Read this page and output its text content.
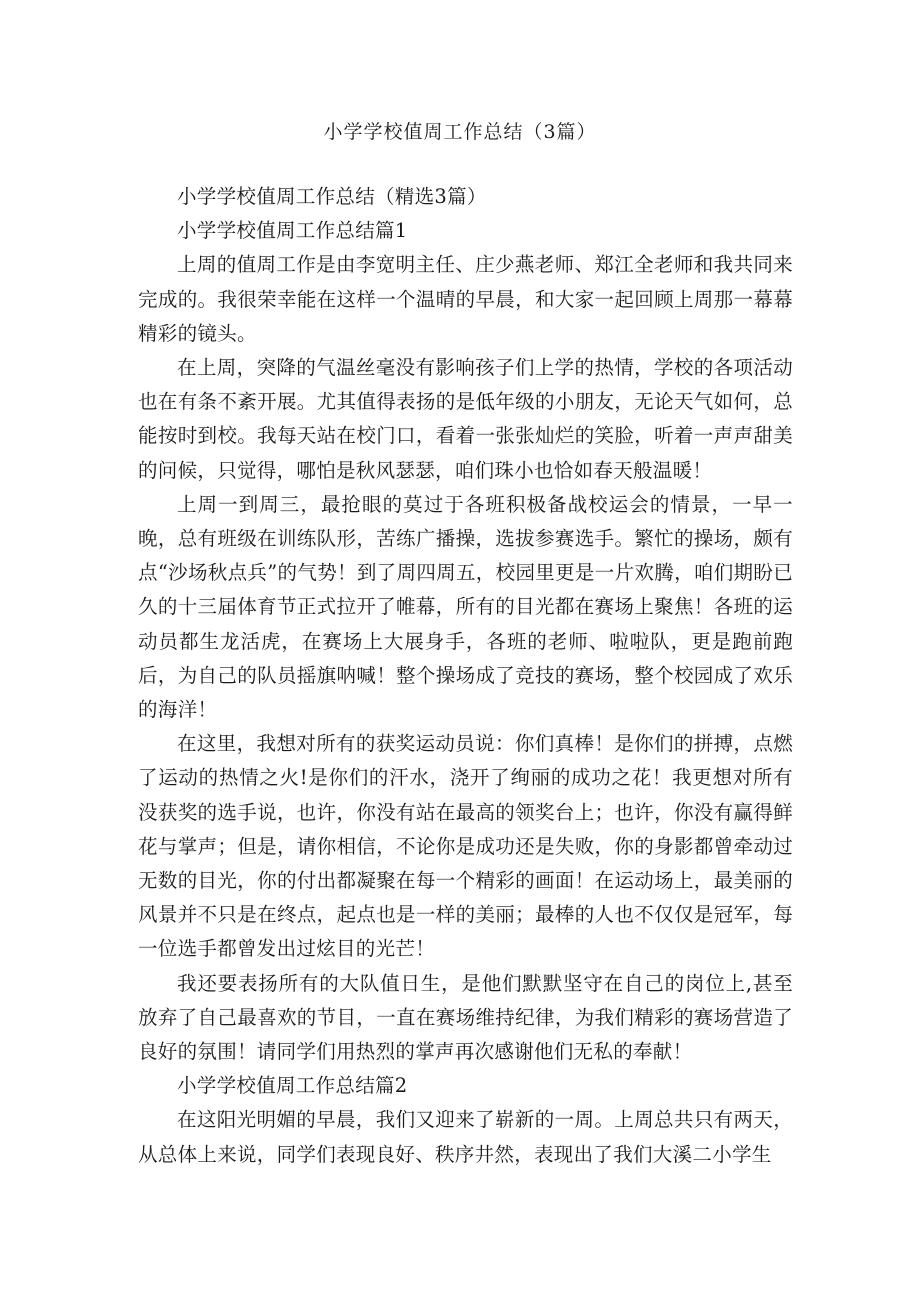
小学学校值周工作总结（3篇）

小学学校值周工作总结（精选3篇）

小学学校值周工作总结篇1

上周的值周工作是由李宽明主任、庄少燕老师、郑江全老师和我共同来完成的。我很荣幸能在这样一个温晴的早晨，和大家一起回顾上周那一幕幕精彩的镜头。

在上周，突降的气温丝毫没有影响孩子们上学的热情，学校的各项活动也在有条不紊开展。尤其值得表扬的是低年级的小朋友，无论天气如何，总能按时到校。我每天站在校门口，看着一张张灿烂的笑脸，听着一声声甜美的问候，只觉得，哪怕是秋风瑟瑟，咱们珠小也恰如春天般温暖！

上周一到周三，最抢眼的莫过于各班积极备战校运会的情景，一早一晚，总有班级在训练队形，苦练广播操，选拔参赛选手。繁忙的操场，颇有点“沙场秋点兵”的气势！到了周四周五，校园里更是一片欢腾，咱们期盼已久的十三届体育节正式拉开了帷幕，所有的目光都在赛场上聚焦！各班的运动员都生龙活虎，在赛场上大展身手，各班的老师、啦啦队，更是跑前跑后，为自己的队员摇旗呐喊！整个操场成了竞技的赛场，整个校园成了欢乐的海洋！

在这里，我想对所有的获奖运动员说：你们真棒！是你们的拼搏，点燃了运动的热情之火!是你们的汗水，浇开了绚丽的成功之花！我更想对所有没获奖的选手说，也许，你没有站在最高的领奖台上；也许，你没有赢得鲜花与掌声；但是，请你相信，不论你是成功还是失败，你的身影都曾牵动过无数的目光，你的付出都凝聚在每一个精彩的画面！在运动场上，最美丽的风景并不只是在终点，起点也是一样的美丽；最棒的人也不仅仅是冠军，每一位选手都曾发出过炫目的光芒！

我还要表扬所有的大队值日生，是他们默默坚守在自己的岗位上,甚至放弃了自己最喜欢的节目，一直在赛场维持纪律，为我们精彩的赛场营造了良好的氛围！请同学们用热烈的掌声再次感谢他们无私的奉献！

小学学校值周工作总结篇2

在这阳光明媚的早晨，我们又迎来了崭新的一周。上周总共只有两天，从总体上来说，同学们表现良好、秩序井然，表现出了我们大溪二小学生
